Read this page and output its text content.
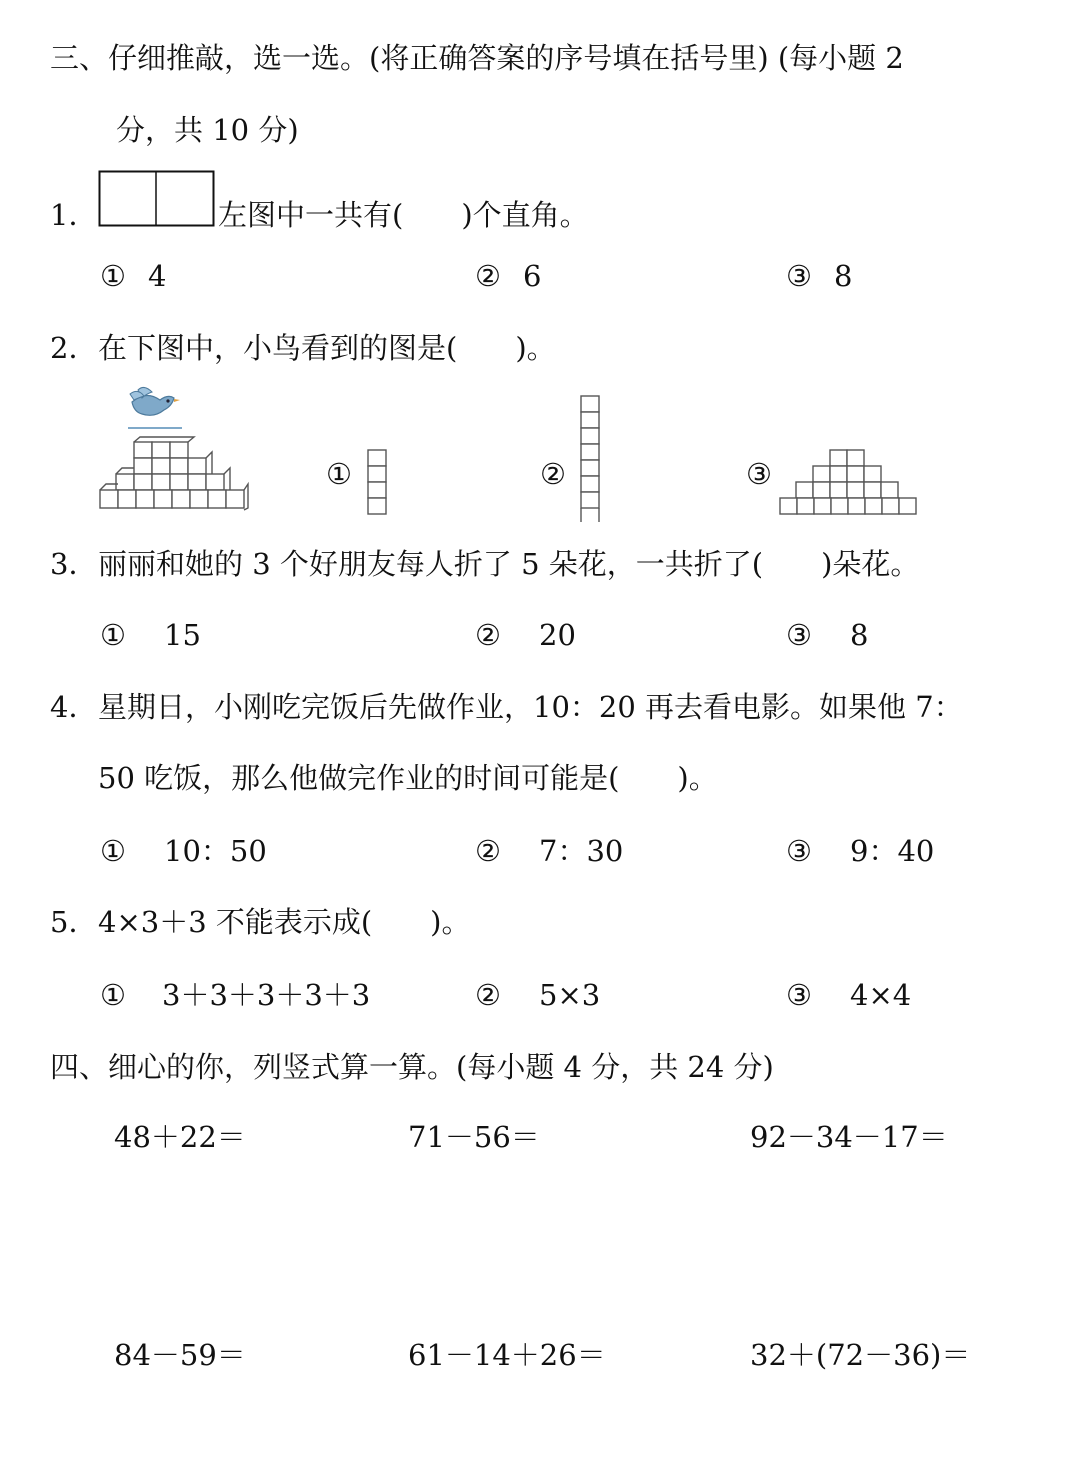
三、仔细推敲，选一选。(将正确答案的序号填在括号里) (每小题 2
分，共 10 分)
1．	左图中一共有(　　)个直角。
① 4	② 6	③ 8
2． 在下图中，小鸟看到的图是(　　)。
①	②	③
3． 丽丽和她的 3 个好朋友每人折了 5 朵花，一共折了(　　)朵花。
① 15	② 20	③ 8
4． 星期日，小刚吃完饭后先做作业，10：20 再去看电影。如果他 7：
50 吃饭，那么他做完作业的时间可能是(　　)。
① 10：50	② 7：30	③ 9：40
5． 4×3＋3 不能表示成(　　)。
① 3＋3＋3＋3＋3	② 5×3	③ 4×4
四、细心的你，列竖式算一算。(每小题 4 分，共 24 分)
48＋22＝	71－56＝	92－34－17＝
84－59＝	61－14＋26＝	32＋(72－36)＝
